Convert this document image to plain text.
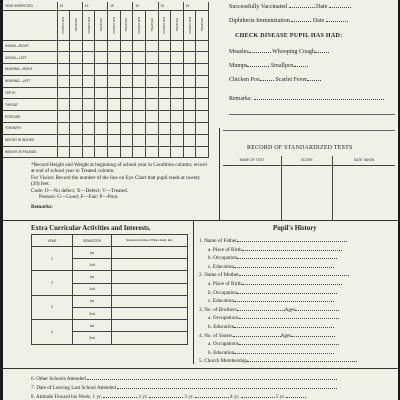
YEAR INSPECTED	19		19		19		19		19		19	

	CONDITION	TREATED	CONDITION	TREATED	CONDITION	TREATED	CONDITION	TREATED	CONDITION	TREATED	CONDITION	TREATED

VISION—RIGHT												
VISION—LEFT												
HEARING—RIGHT												
HEARING—LEFT												
TEETH												
THROAT												
POSTURE												
*GROWTH:												
HEIGHT IN INCHES												
WEIGHT IN POUNDS												
Successfully Vaccinated	Date
Diphtheria Immunization	Date
CHECK DISEASE PUPIL HAS HAD:
Measles	Whooping Cough
Mumps	Smallpox
Chicken Pox	Scarlet Fever
Remarks:
RECORD OF STANDARDIZED TESTS
NAME OF TEST	SCORE	DATE TAKEN

*Record Height and Weight at beginning of school year in Condition column; record at end of school year in Treated column.
For Vision: Record the number of the line on Eye Chart that pupil reads at twenty (20) feet.
Code: O—No defect; X—Defect; V—Treated.
Posture: G—Good; F—Fair; P—Poor.
Remarks:
Extra Curricular Activities and Interests.
YEAR	SEMESTER	Student Activities Offices Held, Etc.
1	1st	
	2nd	
2	1st	
	2nd	
3	1st	
	2nd	
4	1st	
	2nd	
Pupil's History
1. Name of Father
a. Place of Birth
b. Occupation
c. Education
2. Name of Mother
a. Place of Birth
b. Occupation
c. Education
3. No. of Brothers	Ages
a. Occupations
b. Education
4. No. of Sisters	Ages
a. Occupations
b. Education
5. Church Membership
6. Other Schools Attended
7. Date of Leaving Last School Attended
8. Attitude Toward his Work: 1 yr.	2 yr.	3 yr.	4 yr.	5 yr.
